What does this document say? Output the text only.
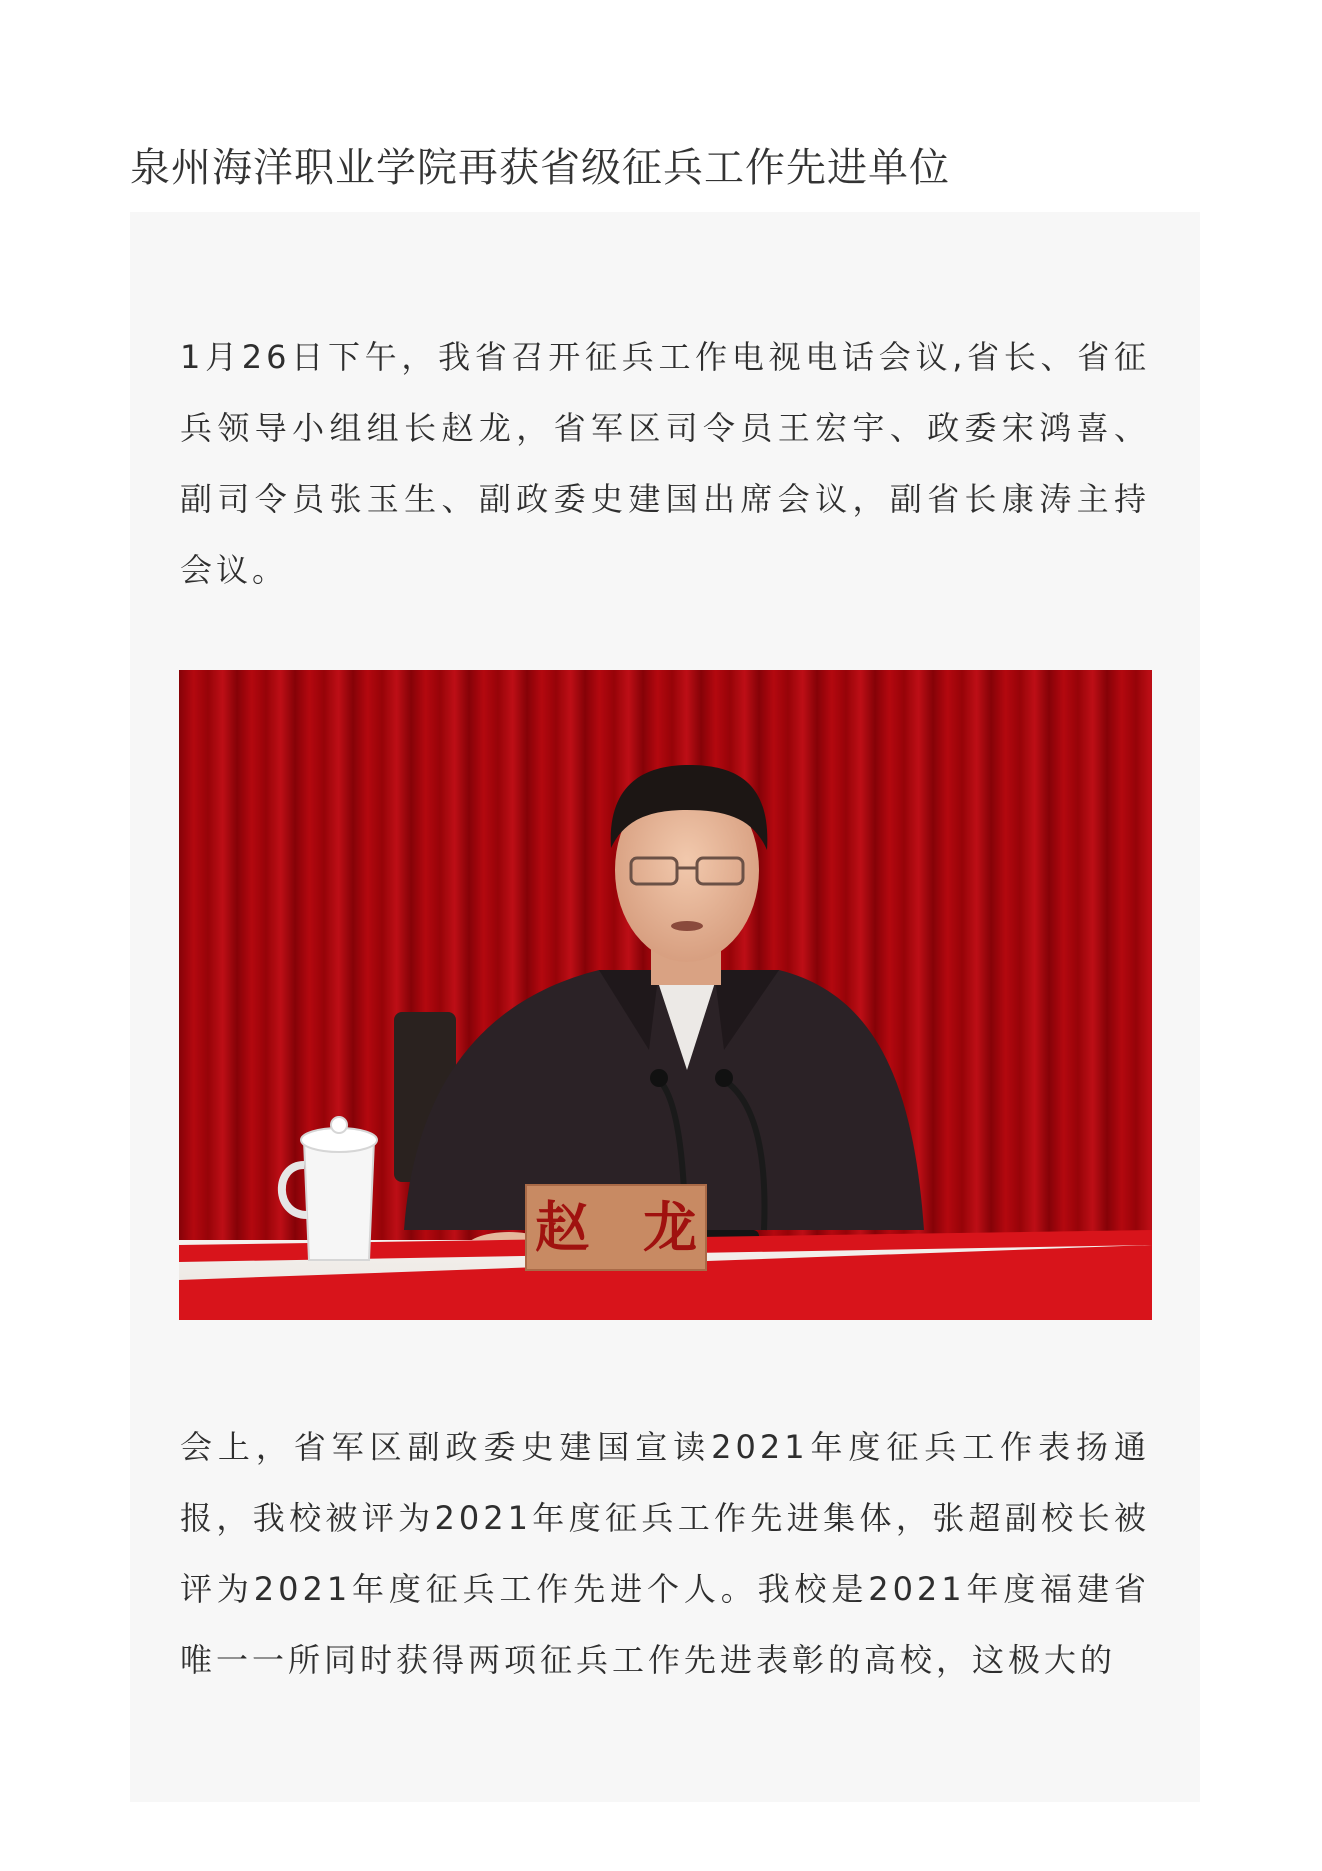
泉州海洋职业学院再获省级征兵工作先进单位

1月26日下午，我省召开征兵工作电视电话会议,省长、省征兵领导小组组长赵龙，省军区司令员王宏宇、政委宋鸿喜、副司令员张玉生、副政委史建国出席会议，副省长康涛主持会议。

赵　龙

会上，省军区副政委史建国宣读2021年度征兵工作表扬通报，我校被评为2021年度征兵工作先进集体，张超副校长被评为2021年度征兵工作先进个人。我校是2021年度福建省唯一一所同时获得两项征兵工作先进表彰的高校，这极大的
